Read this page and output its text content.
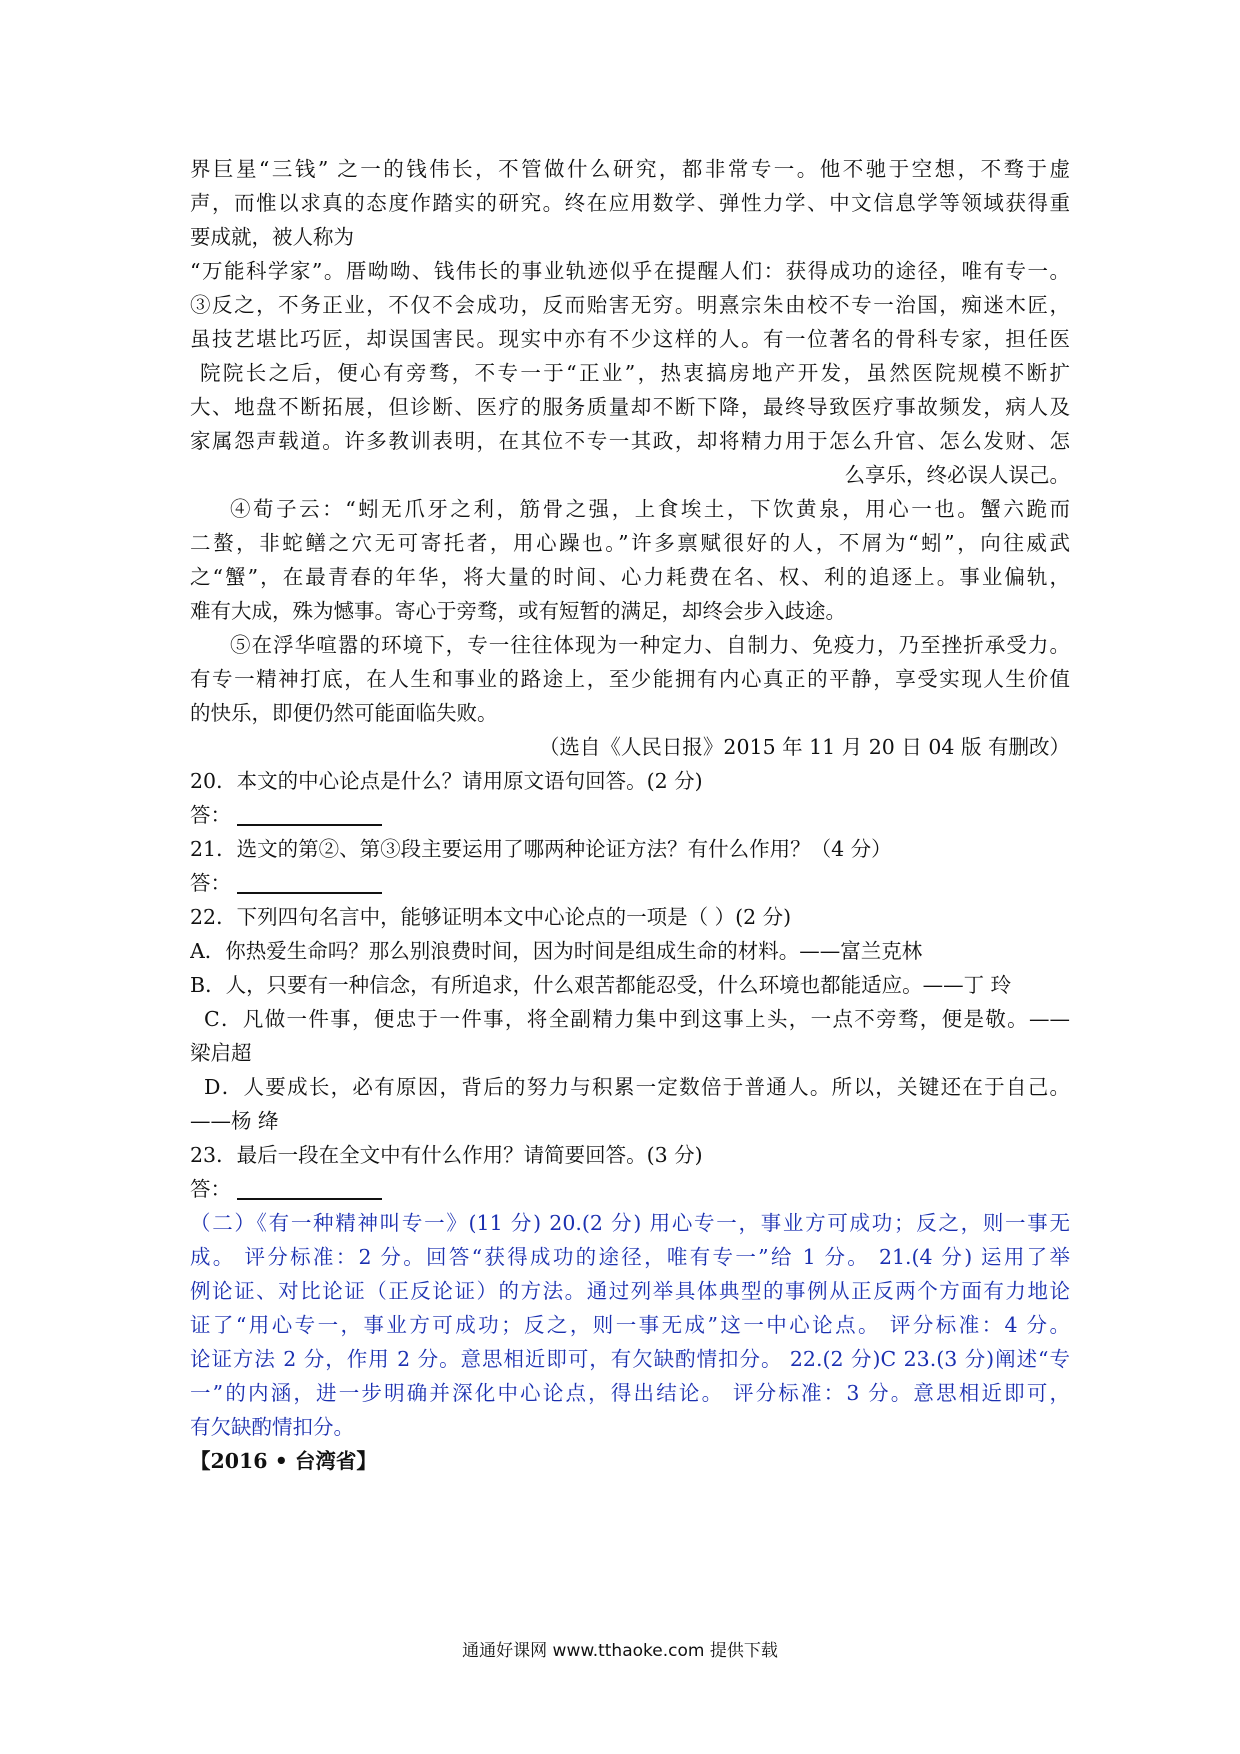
界巨星“三钱” 之一的钱伟长，不管做什么研究，都非常专一。他不驰于空想，不骛于虚
声，而惟以求真的态度作踏实的研究。终在应用数学、弹性力学、中文信息学等领域获得重
要成就，被人称为
“万能科学家”。厝呦呦、钱伟长的事业轨迹似乎在提醒人们：获得成功的途径，唯有专一。
③反之，不务正业，不仅不会成功，反而贻害无穷。明熹宗朱由校不专一治国，痴迷木匠，
虽技艺堪比巧匠，却误国害民。现实中亦有不少这样的人。有一位著名的骨科专家，担任医
院院长之后，便心有旁骛，不专一于“正业”，热衷搞房地产开发，虽然医院规模不断扩
大、地盘不断拓展，但诊断、医疗的服务质量却不断下降，最终导致医疗事故频发，病人及
家属怨声载道。许多教训表明，在其位不专一其政，却将精力用于怎么升官、怎么发财、怎
么享乐，终必误人误己。
④荀子云：“蚓无爪牙之利，筋骨之强，上食埃土，下饮黄泉，用心一也。蟹六跪而
二螯，非蛇鳝之穴无可寄托者，用心躁也。”许多禀赋很好的人，不屑为“蚓”，向往威武
之“蟹”，在最青春的年华，将大量的时间、心力耗费在名、权、利的追逐上。事业偏轨，
难有大成，殊为憾事。寄心于旁骛，或有短暂的满足，却终会步入歧途。
⑤在浮华喧嚣的环境下，专一往往体现为一种定力、自制力、免疫力，乃至挫折承受力。
有专一精神打底，在人生和事业的路途上，至少能拥有内心真正的平静，享受实现人生价值
的快乐，即便仍然可能面临失败。
（选自《人民日报》2015 年 11 月 20 日 04 版 有删改）
20．本文的中心论点是什么？请用原文语句回答。(2 分)
答：
21．选文的第②、第③段主要运用了哪两种论证方法？有什么作用？（4 分）
答：
22．下列四句名言中，能够证明本文中心论点的一项是（ ）(2 分)
A．你热爱生命吗？那么别浪费时间，因为时间是组成生命的材料。——富兰克林
B．人，只要有一种信念，有所追求，什么艰苦都能忍受，什么环境也都能适应。——丁 玲
C．凡做一件事，便忠于一件事，将全副精力集中到这事上头，一点不旁骛，便是敬。——
梁启超
D．人要成长，必有原因，背后的努力与积累一定数倍于普通人。所以，关键还在于自己。
——杨 绛
23．最后一段在全文中有什么作用？请简要回答。(3 分)
答：
（二）《有一种精神叫专一》(11 分) 20.(2 分) 用心专一，事业方可成功；反之，则一事无
成。 评分标准：2 分。回答“获得成功的途径，唯有专一”给 1 分。 21.(4 分) 运用了举
例论证、对比论证（正反论证）的方法。通过列举具体典型的事例从正反两个方面有力地论
证了“用心专一，事业方可成功；反之，则一事无成”这一中心论点。 评分标准：4 分。
论证方法 2 分，作用 2 分。意思相近即可，有欠缺酌情扣分。 22.(2 分)C 23.(3 分)阐述“专
一”的内涵，进一步明确并深化中心论点，得出结论。 评分标准：3 分。意思相近即可，
有欠缺酌情扣分。
【2016 • 台湾省】
通通好课网 www.tthaoke.com 提供下载
